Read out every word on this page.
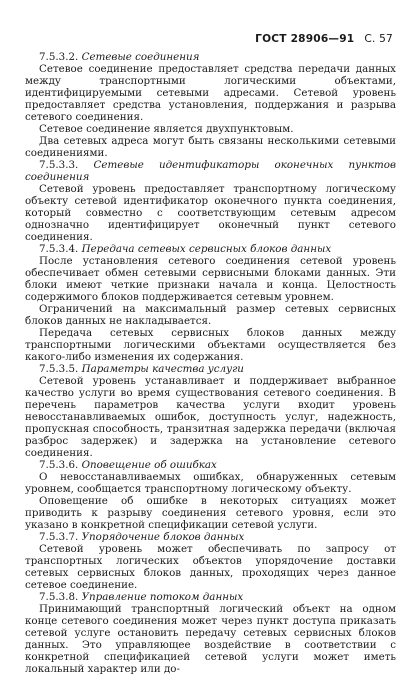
ГОСТ 28906—91 С. 57

7.5.3.2. Сетевые соединения

Сетевое соединение предоставляет средства передачи данных между транспортными логическими объектами, идентифицируемыми сетевыми адресами. Сетевой уровень предоставляет средства установления, поддержания и разрыва сетевого соединения.

Сетевое соединение является двухпунктовым.

Два сетевых адреса могут быть связаны несколькими сетевыми соединениями.

7.5.3.3. Сетевые идентификаторы оконечных пунктов соединения

Сетевой уровень предоставляет транспортному логическому объекту сетевой идентификатор оконечного пункта соединения, который совместно с соответствующим сетевым адресом однозначно идентифицирует оконечный пункт сетевого соединения.

7.5.3.4. Передача сетевых сервисных блоков данных

После установления сетевого соединения сетевой уровень обеспечивает обмен сетевыми сервисными блоками данных. Эти блоки имеют четкие признаки начала и конца. Целостность содержимого блоков поддерживается сетевым уровнем.

Ограничений на максимальный размер сетевых сервисных блоков данных не накладывается.

Передача сетевых сервисных блоков данных между транспортными логическими объектами осуществляется без какого-либо изменения их содержания.

7.5.3.5. Параметры качества услуги

Сетевой уровень устанавливает и поддерживает выбранное качество услуги во время существования сетевого соединения. В перечень параметров качества услуги входит уровень невосстанавливаемых ошибок, доступность услуг, надежность, пропускная способность, транзитная задержка передачи (включая разброс задержек) и задержка на установление сетевого соединения.

7.5.3.6. Оповещение об ошибках

О невосстанавливаемых ошибках, обнаруженных сетевым уровнем, сообщается транспортному логическому объекту.

Оповещение об ошибке в некоторых ситуациях может приводить к разрыву соединения сетевого уровня, если это указано в конкретной спецификации сетевой услуги.

7.5.3.7. Упорядочение блоков данных

Сетевой уровень может обеспечивать по запросу от транспортных логических объектов упорядочение доставки сетевых сервисных блоков данных, проходящих через данное сетевое соединение.

7.5.3.8. Управление потоком данных

Принимающий транспортный логический объект на одном конце сетевого соединения может через пункт доступа приказать сетевой услуге остановить передачу сетевых сервисных блоков данных. Это управляющее воздействие в соответствии с конкретной спецификацией сетевой услуги может иметь локальный характер или до-
